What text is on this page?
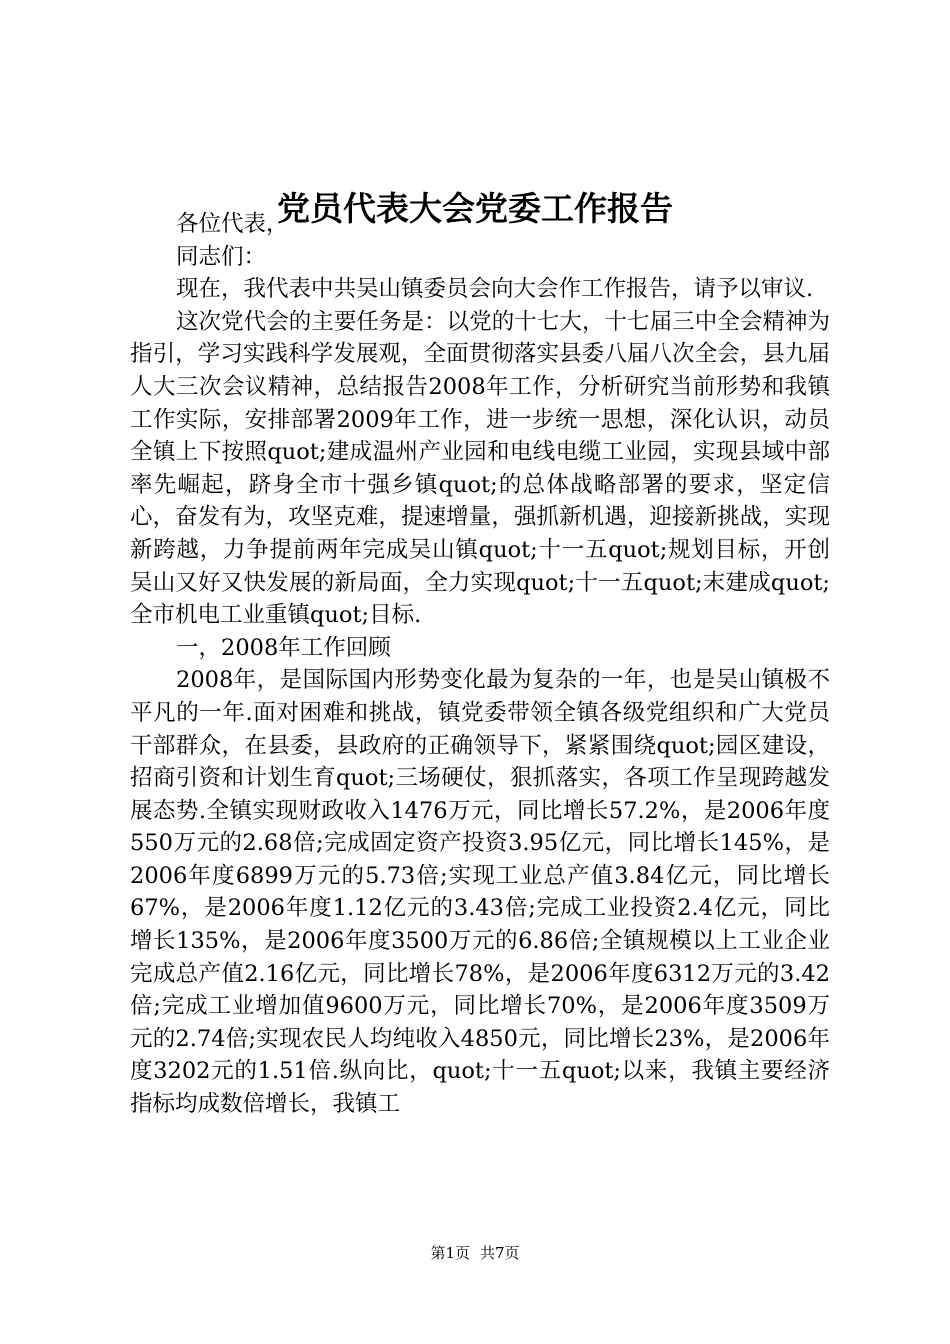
党员代表大会党委工作报告

各位代表，

同志们：

现在，我代表中共吴山镇委员会向大会作工作报告，请予以审议.

这次党代会的主要任务是：以党的十七大，十七届三中全会精神为指引，学习实践科学发展观，全面贯彻落实县委八届八次全会，县九届人大三次会议精神，总结报告2008年工作，分析研究当前形势和我镇工作实际，安排部署2009年工作，进一步统一思想，深化认识，动员全镇上下按照quot;建成温州产业园和电线电缆工业园，实现县域中部率先崛起，跻身全市十强乡镇quot;的总体战略部署的要求，坚定信心，奋发有为，攻坚克难，提速增量，强抓新机遇，迎接新挑战，实现新跨越，力争提前两年完成吴山镇quot;十一五quot;规划目标，开创吴山又好又快发展的新局面，全力实现quot;十一五quot;末建成quot;全市机电工业重镇quot;目标.

一，2008年工作回顾

2008年，是国际国内形势变化最为复杂的一年，也是吴山镇极不平凡的一年.面对困难和挑战，镇党委带领全镇各级党组织和广大党员干部群众，在县委，县政府的正确领导下，紧紧围绕quot;园区建设，招商引资和计划生育quot;三场硬仗，狠抓落实，各项工作呈现跨越发展态势.全镇实现财政收入1476万元，同比增长57.2%，是2006年度550万元的2.68倍;完成固定资产投资3.95亿元，同比增长145%，是2006年度6899万元的5.73倍;实现工业总产值3.84亿元，同比增长67%，是2006年度1.12亿元的3.43倍;完成工业投资2.4亿元，同比增长135%，是2006年度3500万元的6.86倍;全镇规模以上工业企业完成总产值2.16亿元，同比增长78%，是2006年度6312万元的3.42倍;完成工业增加值9600万元，同比增长70%，是2006年度3509万元的2.74倍;实现农民人均纯收入4850元，同比增长23%，是2006年度3202元的1.51倍.纵向比，quot;十一五quot;以来，我镇主要经济指标均成数倍增长，我镇工

第1页 共7页
